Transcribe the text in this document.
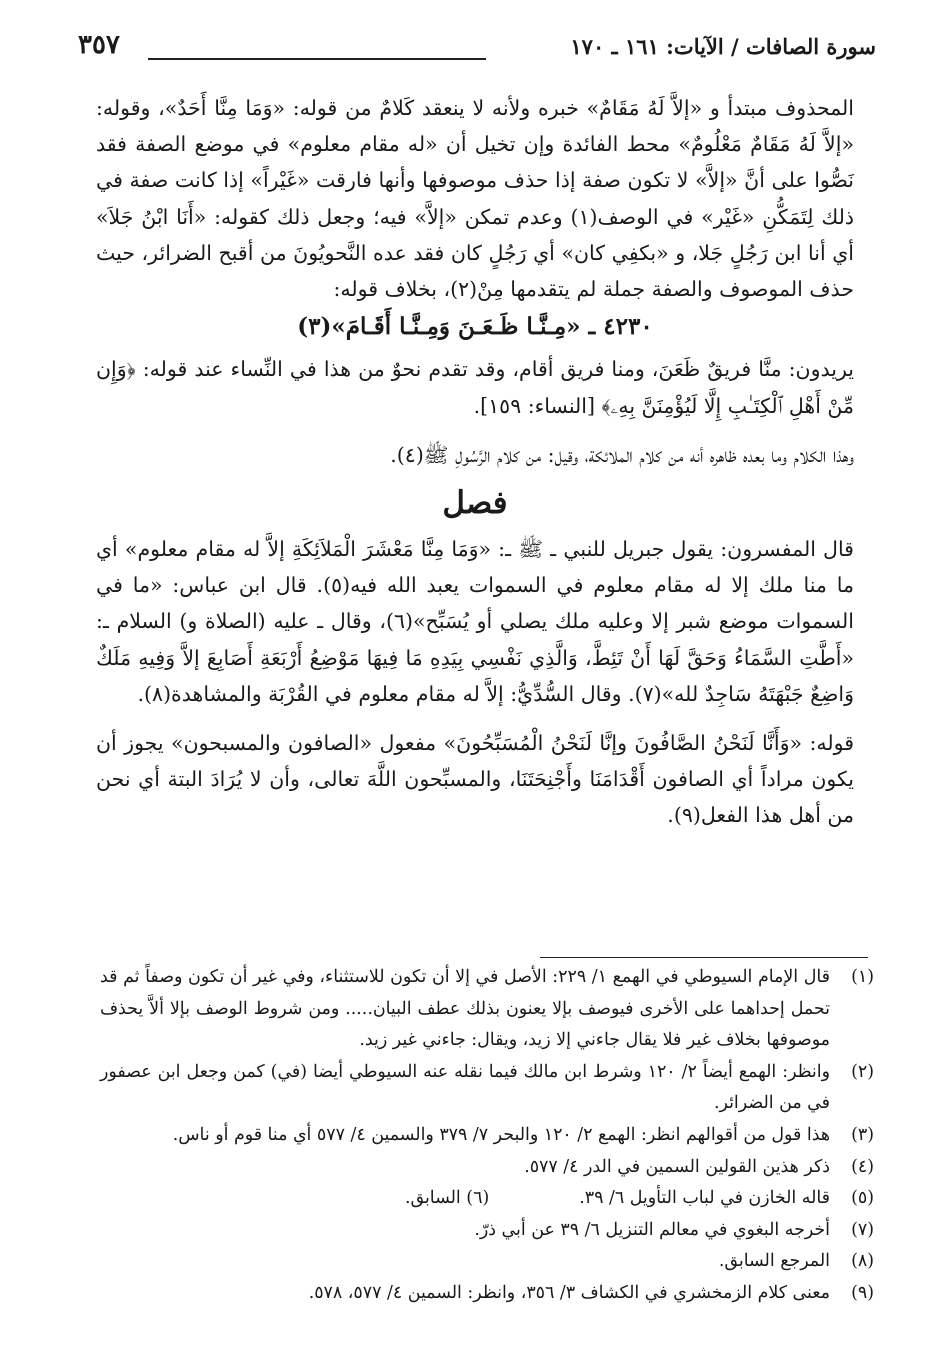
سورة الصافات / الآيات: ١٦١ ـ ١٧٠
٣٥٧

المحذوف مبتدأ و «إلاَّ لَهُ مَقَامٌ» خبره ولأنه لا ينعقد كَلامٌ من قوله: «وَمَا مِنَّا أَحَدٌ»، وقوله: «إلاَّ لَهُ مَقَامٌ مَعْلُومٌ» محط الفائدة وإن تخيل أن «له مقام معلوم» في موضع الصفة فقد نَصُّوا على أنَّ «إلاَّ» لا تكون صفة إذا حذف موصوفها وأنها فارقت «غَيْراً» إذا كانت صفة في ذلك لِتَمَكُّنِ «غَيْر» في الوصف(١) وعدم تمكن «إلاَّ» فيه؛ وجعل ذلك كقوله: «أَنَا ابْنُ جَلاَ» أي أنا ابن رَجُلٍ جَلا، و «بكفِي كان» أي رَجُلٍ كان فقد عده النَّحويُونَ من أقبح الضرائر، حيث حذف الموصوف والصفة جملة لم يتقدمها مِنْ(٢)، بخلاف قوله:

٤٢٣٠ ـ «مِـنَّـا ظَـعَـنَ وَمِـنَّـا أَقَـامَ»(٣)

يريدون: منَّا فريقٌ ظَعَنَ، ومنا فريق أقام، وقد تقدم نحوٌ من هذا في النِّساء عند قوله: ﴿وَإِن مِّنْ أَهْلِ ٱلْكِتَـٰبِ إِلَّا لَيُؤْمِنَنَّ بِهِۦ﴾ [النساء: ١٥٩].

وهذا الكلام وما بعده ظاهره أنه من كلام الملائكة، وقيل: من كلام الرَّسُولِ ﷺ(٤).

فصل

قال المفسرون: يقول جبريل للنبي ـ ﷺ ـ: «وَمَا مِنَّا مَعْشَرَ الْمَلاَئِكَةِ إلاَّ له مقام معلوم» أي ما منا ملك إلا له مقام معلوم في السموات يعبد الله فيه(٥). قال ابن عباس: «ما في السموات موضع شبر إلا وعليه ملك يصلي أو يُسَبِّح»(٦)، وقال ـ عليه (الصلاة و) السلام ـ: «أَطَّتِ السَّمَاءُ وَحَقَّ لَهَا أَنْ تَئِطَّ، وَالَّذِي نَفْسِي بِيَدِهِ مَا فِيهَا مَوْضِعُ أَرْبَعَةِ أَصَابِعَ إلاَّ وَفِيهِ مَلَكٌ وَاضِعٌ جَبْهَتَهُ سَاجِدٌ لله»(٧). وقال السُّدِّيُّ: إلاَّ له مقام معلوم في القُرْبَة والمشاهدة(٨).

قوله: «وَأَنَّا لَنَحْنُ الصَّافُونَ وإنَّا لَنَحْنُ الْمُسَبِّحُونَ» مفعول «الصافون والمسبحون» يجوز أن يكون مراداً أي الصافون أَقْدَامَنَا وأَجْنِحَتَنَا، والمسبِّحون اللَّهَ تعالى، وأن لا يُرَادَ البتة أي نحن من أهل هذا الفعل(٩).

(١)
قال الإمام السيوطي في الهمع ١/ ٢٢٩: الأصل في إلا أن تكون للاستثناء، وفي غير أن تكون وصفاً ثم قد تحمل إحداهما على الأخرى فيوصف بإلا يعنون بذلك عطف البيان..... ومن شروط الوصف بإلا ألاَّ يحذف موصوفها بخلاف غير فلا يقال جاءني إلا زيد، ويقال: جاءني غير زيد.

(٢)
وانظر: الهمع أيضاً ٢/ ١٢٠ وشرط ابن مالك فيما نقله عنه السيوطي أيضا (في) كمن وجعل ابن عصفور في من الضرائر.

(٣)
هذا قول من أقوالهم انظر: الهمع ٢/ ١٢٠ والبحر ٧/ ٣٧٩ والسمين ٤/ ٥٧٧ أي منا قوم أو ناس.

(٤)
ذكر هذين القولين السمين في الدر ٤/ ٥٧٧.

(٥)
قاله الخازن في لباب التأويل ٦/ ٣٩.
(٦) السابق.

(٧)
أخرجه البغوي في معالم التنزيل ٦/ ٣٩ عن أبي ذرّ.

(٨)
المرجع السابق.

(٩)
معنى كلام الزمخشري في الكشاف ٣/ ٣٥٦، وانظر: السمين ٤/ ٥٧٧، ٥٧٨.
